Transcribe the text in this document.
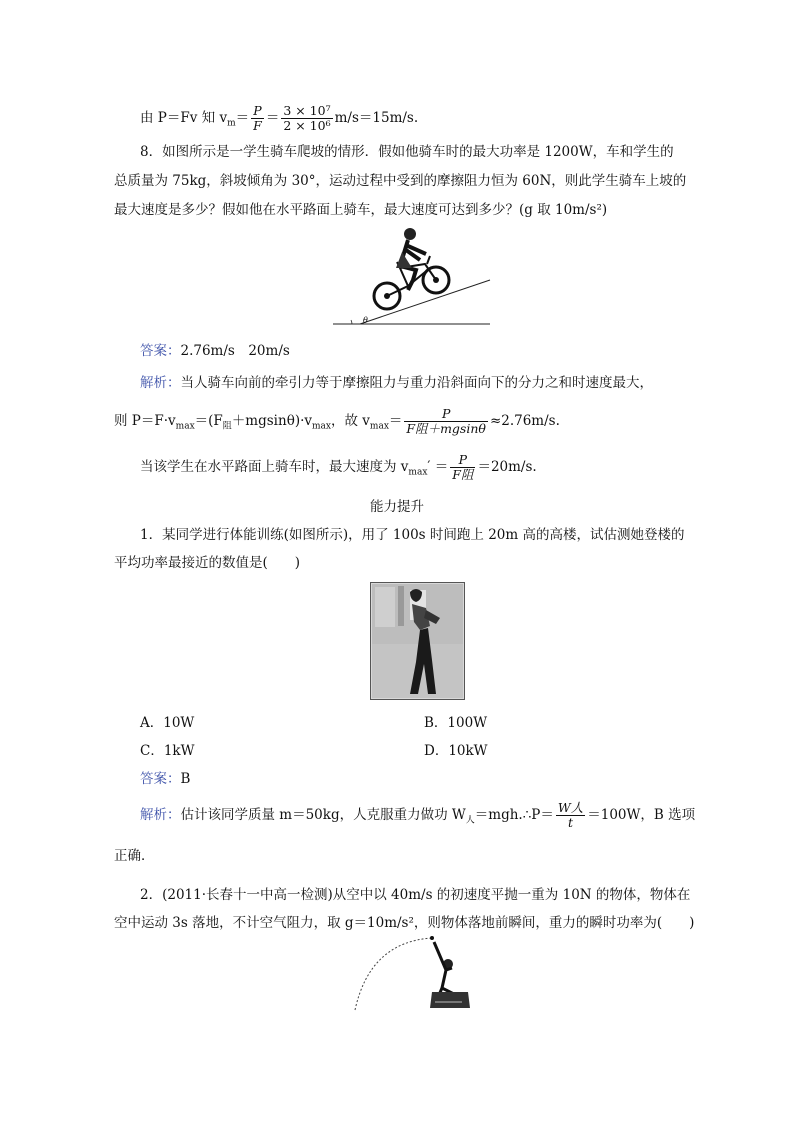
由 P＝Fv 知 $v_m= \frac{P}{F} = \frac{\text{3 × 10⁷}}{\text{2 × 10⁶}} m/s=15m/s$.
8．如图所示是一学生骑车爬坡的情形．假如他骑车时的最大功率是 1200W，车和学生的
总质量为 75kg，斜坡倾角为 30°，运动过程中受到的摩擦阻力恒为 60N，则此学生骑车上坡的
最大速度是多少？假如他在水平路面上骑车，最大速度可达到多少？(g 取 10m/s²)
θ
答案：2.76m/s　20m/s
解析：当人骑车向前的牵引力等于摩擦阻力与重力沿斜面向下的分力之和时速度最大，
则 $P=F\cdot v_{max}=(F_阻+mgsin\theta)\cdot v_{max}$，故 $v_{max}= \frac{P}{\text{F阻＋mgsinθ}} \approx 2.76m/s$.
当该学生在水平路面上骑车时，最大速度为 $v_{max}' = \frac{P}{\text{F阻}} =20m/s$.
能力提升
1．某同学进行体能训练(如图所示)，用了 100s 时间跑上 20m 高的高楼，试估测她登楼的
平均功率最接近的数值是(　　)
A．10W	B．100W
C．1kW	D．10kW
答案：B
解析：估计该同学质量 m＝50kg，人克服重力做功 $W_人=mgh.\therefore P= \frac{\text{W人}}{t} =100W$，B 选项
正确．
2．(2011·长春十一中高一检测)从空中以 40m/s 的初速度平抛一重为 10N 的物体，物体在
空中运动 3s 落地，不计空气阻力，取 g＝10m/s²，则物体落地前瞬间，重力的瞬时功率为(　　)
